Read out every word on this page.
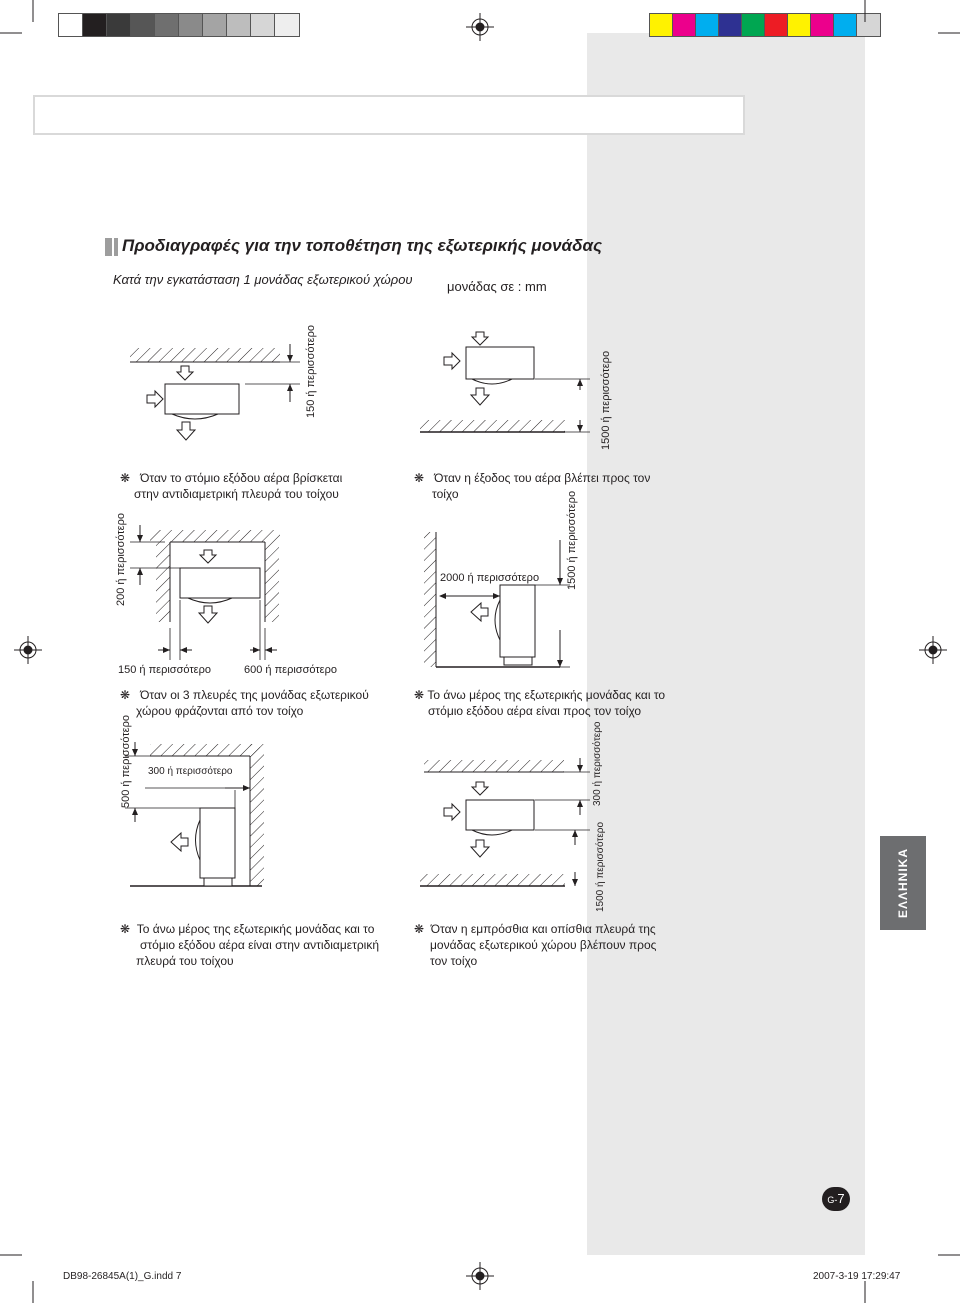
Προδιαγραφές για την τοποθέτηση της εξωτερικής μονάδας
Κατά την εγκατάσταση 1 μονάδας εξωτερικού χώρου	μονάδας σε : mm
150 ή περισσότερο	1500 ή περισσότερο
200 ή περισσότερο
150 ή περισσότερο	600 ή περισσότερο
2000 ή περισσότερο 1500 ή περισσότερο
500 ή περισσότερο 300 ή περισσότερο	300 ή περισσότερο
1500 ή περισσότερο
❋ Όταν το στόμιο εξόδου αέρα βρίσκεται
στην αντιδιαμετρική πλευρά του τοίχου
❋ Όταν η έξοδος του αέρα βλέπει προς τον
τοίχο
❋ Όταν οι 3 πλευρές της μονάδας εξωτερικού
χώρου φράζονται από τον τοίχο
❋ Το άνω μέρος της εξωτερικής μονάδας και το
στόμιο εξόδου αέρα είναι προς τον τοίχο
❋ Το άνω μέρος της εξωτερικής μονάδας και το
στόμιο εξόδου αέρα είναι στην αντιδιαμετρική
πλευρά του τοίχου
❋ Όταν η εμπρόσθια και οπίσθια πλευρά της
μονάδας εξωτερικού χώρου βλέπουν προς
τον τοίχο
ΕΛΛΗΝΙΚΑ
G-7
DB98-26845A(1)_G.indd 7	2007-3-19 17:29:47
